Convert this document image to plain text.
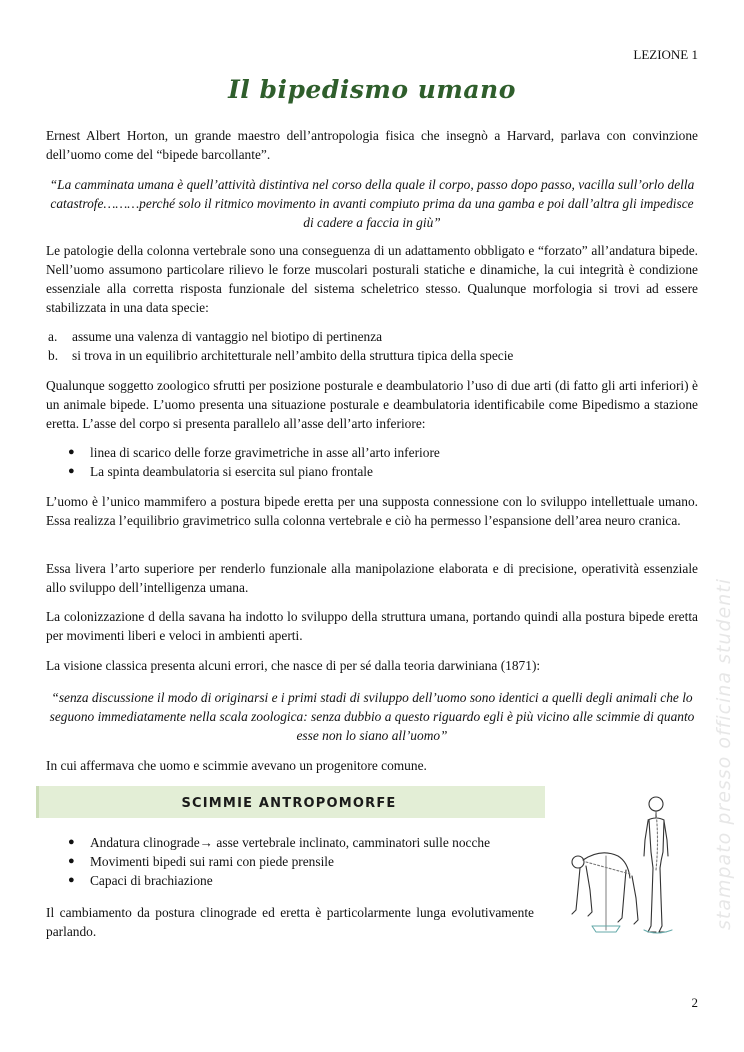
LEZIONE 1
Il bipedismo umano
Ernest Albert Horton, un grande maestro dell’antropologia fisica che insegnò a Harvard, parlava con convinzione dell’uomo come del “bipede barcollante”.
“La camminata umana è quell’attività distintiva nel corso della quale il corpo, passo dopo passo, vacilla sull’orlo della catastrofe………perché solo il ritmico movimento in avanti compiuto prima da una gamba e poi dall’altra gli impedisce di cadere a faccia in giù”
Le patologie della colonna vertebrale sono una conseguenza di un adattamento obbligato e “forzato” all’andatura bipede. Nell’uomo assumono particolare rilievo le forze muscolari posturali statiche e dinamiche, la cui integrità è condizione essenziale alla corretta risposta funzionale del sistema scheletrico stesso. Qualunque morfologia si trovi ad essere stabilizzata in una data specie:
a. assume una valenza di vantaggio nel biotipo di pertinenza
b. si trova in un equilibrio architetturale nell’ambito della struttura tipica della specie
Qualunque soggetto zoologico sfrutti per posizione posturale e deambulatorio l’uso di due arti (di fatto gli arti inferiori) è un animale bipede. L’uomo presenta una situazione posturale e deambulatoria identificabile come Bipedismo a stazione eretta. L’asse del corpo si presenta parallelo all’asse dell’arto inferiore:
● linea di scarico delle forze gravimetriche in asse all’arto inferiore
● La spinta deambulatoria si esercita sul piano frontale
L’uomo è l’unico mammifero a postura bipede eretta per una supposta connessione con lo sviluppo intellettuale umano. Essa realizza l’equilibrio gravimetrico sulla colonna vertebrale e ciò ha permesso l’espansione dell’area neuro cranica.
Essa livera l’arto superiore per renderlo funzionale alla manipolazione elaborata e di precisione, operatività essenziale allo sviluppo dell’intelligenza umana.
La colonizzazione d della savana ha indotto lo sviluppo della struttura umana, portando quindi alla postura bipede eretta per movimenti liberi e veloci in ambienti aperti.
La visione classica presenta alcuni errori, che nasce di per sé dalla teoria darwiniana (1871):
“senza discussione il modo di originarsi e i primi stadi di sviluppo dell’uomo sono identici a quelli degli animali che lo seguono immediatamente nella scala zoologica: senza dubbio a questo riguardo egli è più vicino alle scimmie di quanto esse non lo siano all’uomo”
In cui affermava che uomo e scimmie avevano un progenitore comune.
SCIMMIE ANTROPOMORFE
● Andatura clinograde→ asse vertebrale inclinato, camminatori sulle nocche
● Movimenti bipedi sui rami con piede prensile
● Capaci di brachiazione
Il cambiamento da postura clinograde ed eretta è particolarmente lunga evolutivamente parlando.
stampato presso officina studenti
2
